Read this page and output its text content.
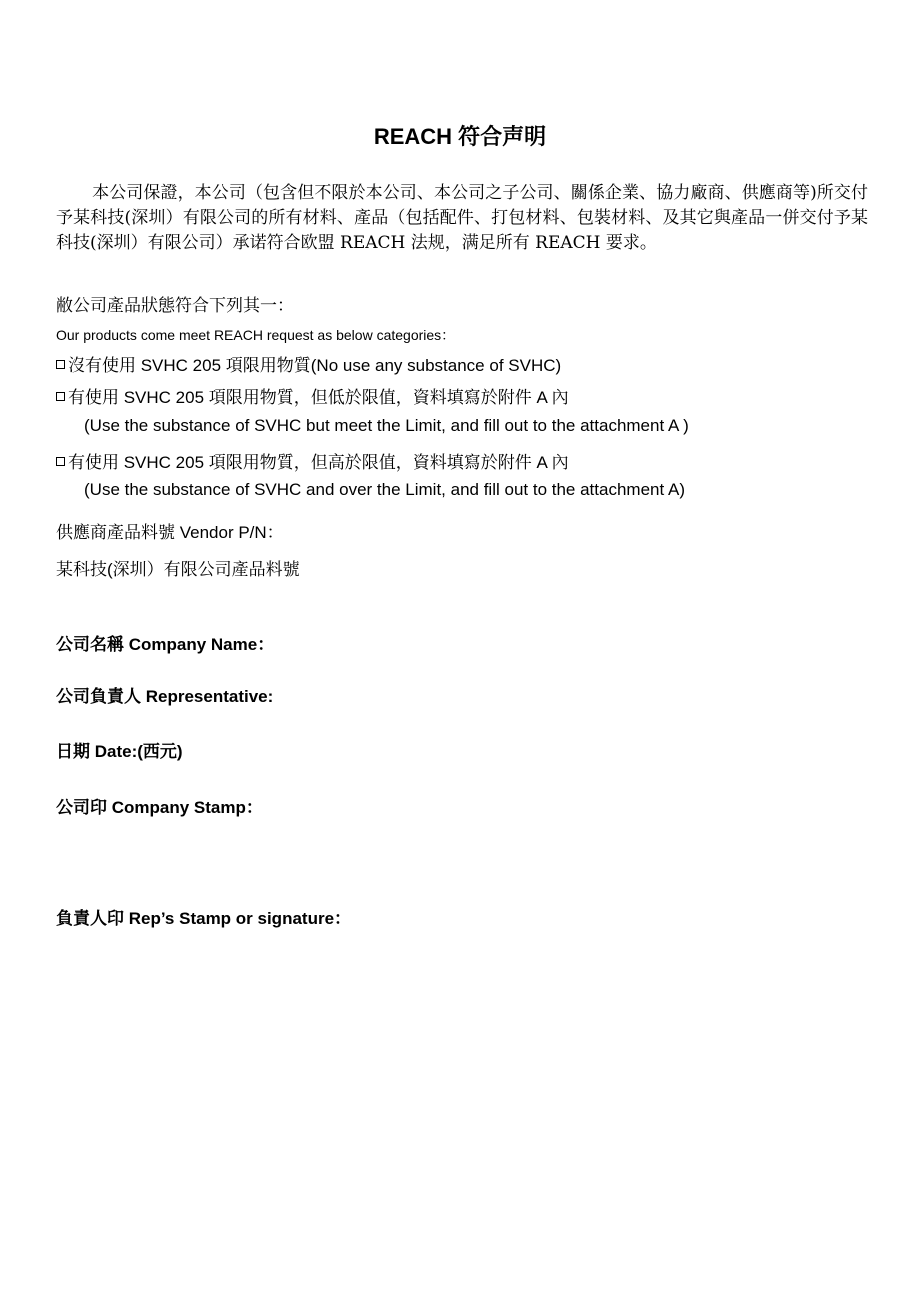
REACH 符合声明
本公司保證，本公司（包含但不限於本公司、本公司之子公司、關係企業、協力廠商、供應商等)所交付予某科技(深圳）有限公司的所有材料、產品（包括配件、打包材料、包裝材料、及其它與產品一併交付予某科技(深圳）有限公司）承诺符合欧盟 REACH 法规，满足所有 REACH 要求。
敝公司產品狀態符合下列其一：
Our products come meet REACH request as below categories：
沒有使用 SVHC 205 項限用物質(No use any substance of SVHC)
有使用 SVHC 205 項限用物質，但低於限值，資料填寫於附件 A 內
(Use the substance of SVHC but meet the Limit, and fill out to the attachment A )
有使用 SVHC 205 項限用物質，但高於限值，資料填寫於附件 A 內
(Use the substance of SVHC and over the Limit, and fill out to the attachment A)
供應商產品料號 Vendor P/N：
某科技(深圳）有限公司產品料號
公司名稱 Company Name：
公司負責人 Representative:
日期 Date:(西元)
公司印 Company Stamp：
負責人印 Rep’s Stamp or signature：
